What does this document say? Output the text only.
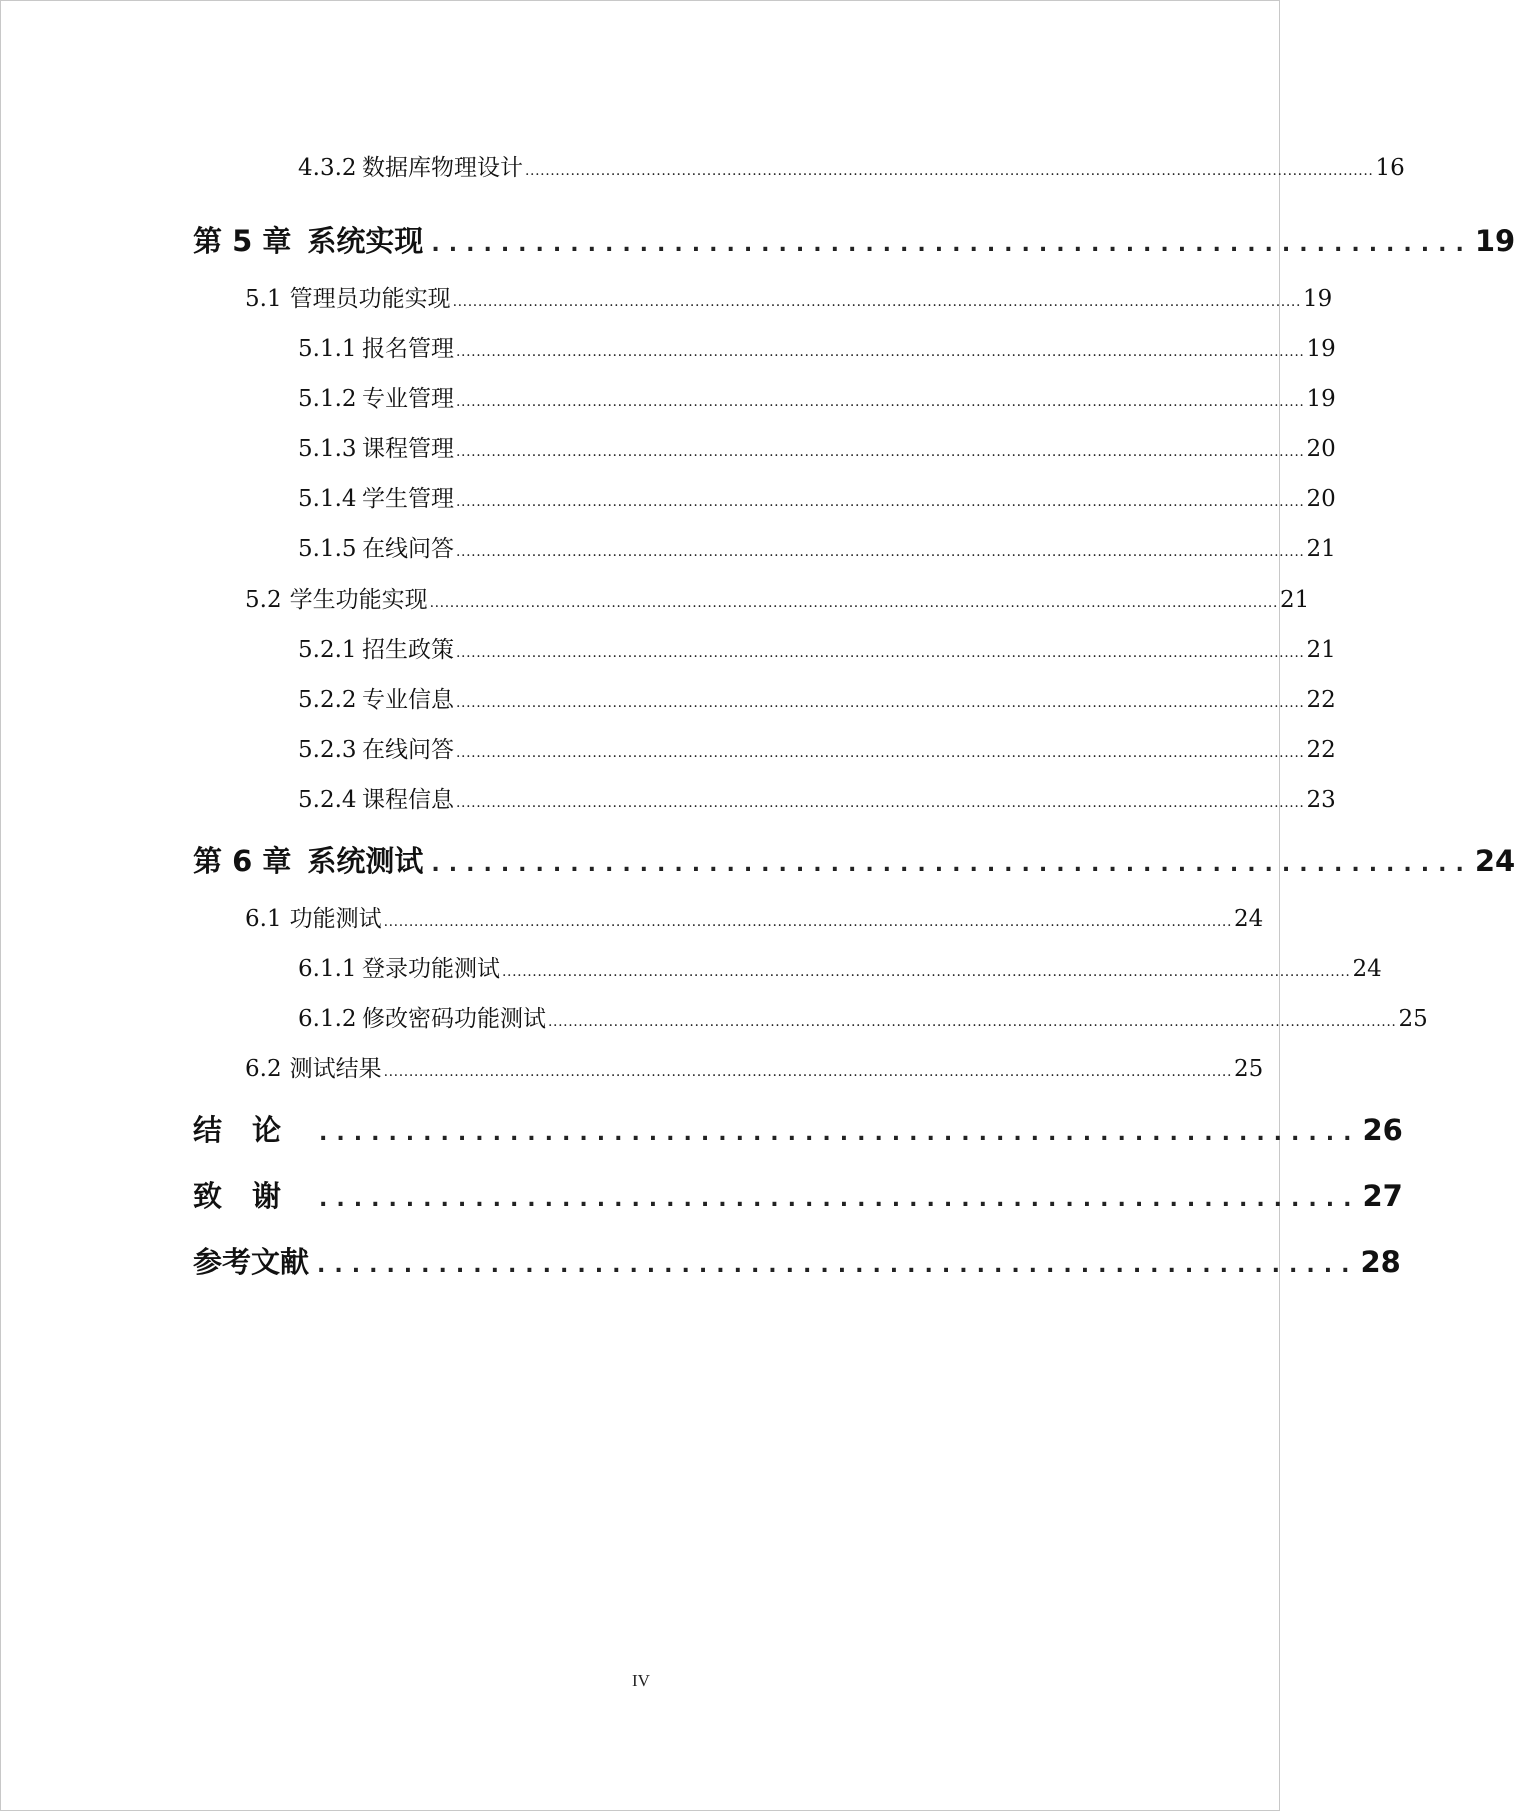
4.3.2 数据库物理设计 ........................................................................................................................................................................ 16
第 5 章 系统实现 ............................................................ 19
5.1 管理员功能实现 ........................................................................................................................................................................ 19
5.1.1 报名管理 ........................................................................................................................................................................ 19
5.1.2 专业管理 ........................................................................................................................................................................ 19
5.1.3 课程管理 ........................................................................................................................................................................ 20
5.1.4 学生管理 ........................................................................................................................................................................ 20
5.1.5 在线问答 ........................................................................................................................................................................ 21
5.2 学生功能实现 ........................................................................................................................................................................ 21
5.2.1 招生政策 ........................................................................................................................................................................ 21
5.2.2 专业信息 ........................................................................................................................................................................ 22
5.2.3 在线问答 ........................................................................................................................................................................ 22
5.2.4 课程信息 ........................................................................................................................................................................ 23
第 6 章 系统测试 ............................................................ 24
6.1 功能测试 ........................................................................................................................................................................ 24
6.1.1 登录功能测试 ........................................................................................................................................................................ 24
6.1.2 修改密码功能测试 ........................................................................................................................................................................ 25
6.2 测试结果 ........................................................................................................................................................................ 25
结论 ............................................................ 26
致谢 ............................................................ 27
参考文献 ............................................................ 28
IV
